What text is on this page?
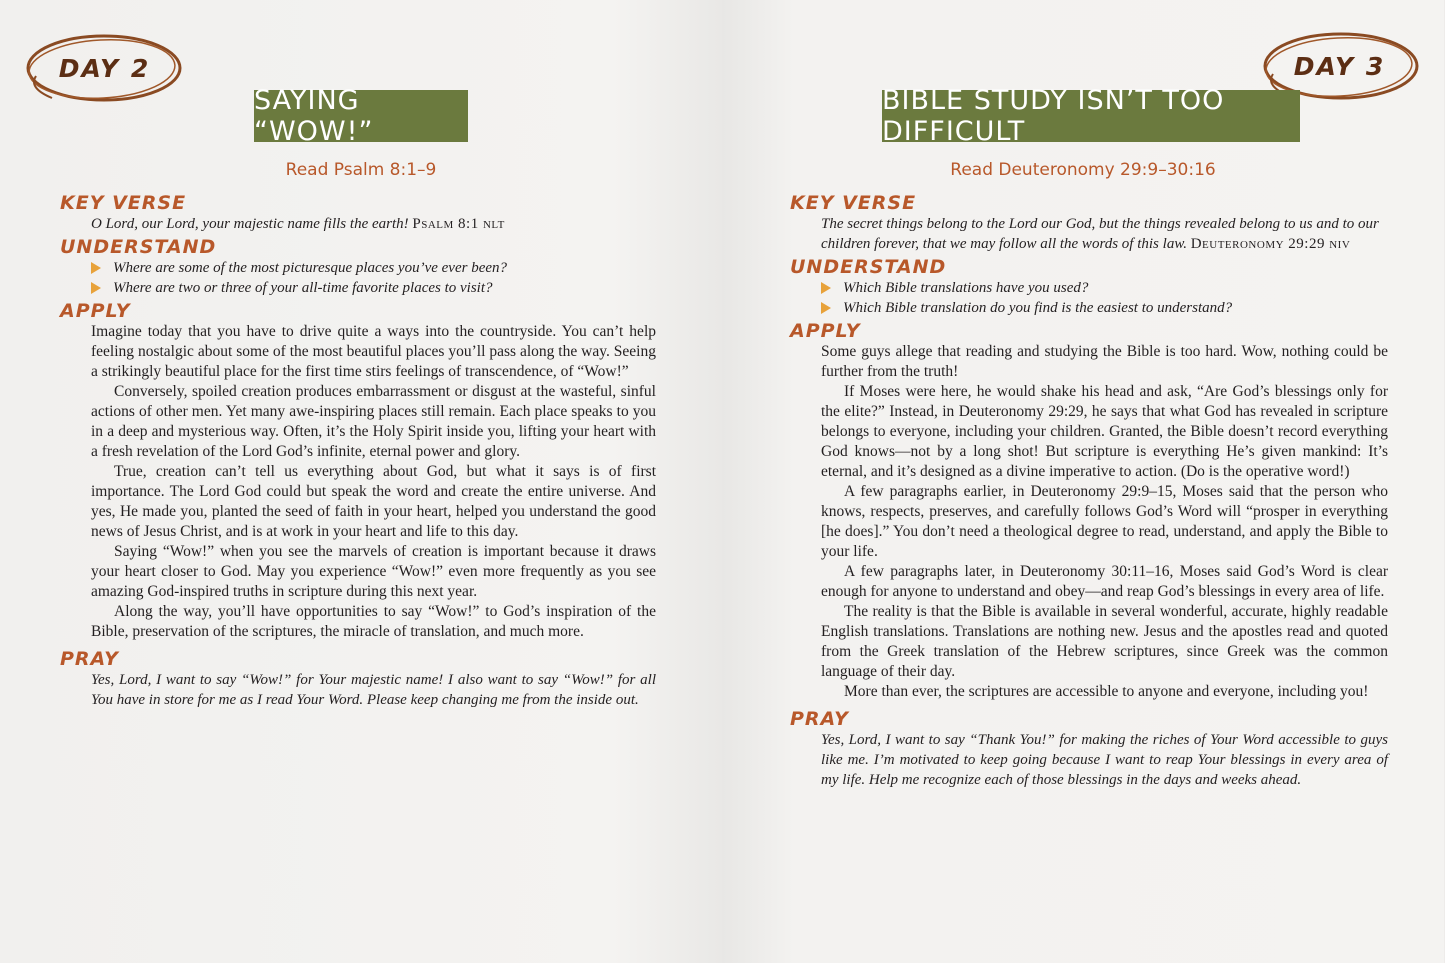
DAY 2
SAYING “WOW!”
Read Psalm 8:1–9
KEY VERSE
O Lord, our Lord, your majestic name fills the earth! Psalm 8:1 nlt
UNDERSTAND
Where are some of the most picturesque places you’ve ever been?
Where are two or three of your all-time favorite places to visit?
APPLY

Imagine today that you have to drive quite a ways into the countryside. You can’t help feeling nostalgic about some of the most beautiful places you’ll pass along the way. Seeing a strikingly beautiful place for the first time stirs feelings of transcendence, of “Wow!”

Conversely, spoiled creation produces embarrassment or disgust at the wasteful, sinful actions of other men. Yet many awe-inspiring places still remain. Each place speaks to you in a deep and mysterious way. Often, it’s the Holy Spirit inside you, lifting your heart with a fresh revelation of the Lord God’s infinite, eternal power and glory.

True, creation can’t tell us everything about God, but what it says is of first importance. The Lord God could but speak the word and create the entire universe. And yes, He made you, planted the seed of faith in your heart, helped you understand the good news of Jesus Christ, and is at work in your heart and life to this day.

Saying “Wow!” when you see the marvels of creation is important because it draws your heart closer to God. May you experience “Wow!” even more frequently as you see amazing God-inspired truths in scripture during this next year.

Along the way, you’ll have opportunities to say “Wow!” to God’s inspiration of the Bible, preservation of the scriptures, the miracle of translation, and much more.

PRAY
Yes, Lord, I want to say “Wow!” for Your majestic name! I also want to say “Wow!” for all You have in store for me as I read Your Word. Please keep changing me from the inside out.
DAY 3
BIBLE STUDY ISN’T TOO DIFFICULT
Read Deuteronomy 29:9–30:16
KEY VERSE
The secret things belong to the Lord our God, but the things revealed belong to us and to our children forever, that we may follow all the words of this law. Deuteronomy 29:29 niv
UNDERSTAND
Which Bible translations have you used?
Which Bible translation do you find is the easiest to understand?
APPLY

Some guys allege that reading and studying the Bible is too hard. Wow, nothing could be further from the truth!

If Moses were here, he would shake his head and ask, “Are God’s blessings only for the elite?” Instead, in Deuteronomy 29:29, he says that what God has revealed in scripture belongs to everyone, including your children. Granted, the Bible doesn’t record everything God knows—not by a long shot! But scripture is everything He’s given mankind: It’s eternal, and it’s designed as a divine imperative to action. (Do is the operative word!)

A few paragraphs earlier, in Deuteronomy 29:9–15, Moses said that the person who knows, respects, preserves, and carefully follows God’s Word will “prosper in everything [he does].” You don’t need a theological degree to read, understand, and apply the Bible to your life.

A few paragraphs later, in Deuteronomy 30:11–16, Moses said God’s Word is clear enough for anyone to understand and obey—and reap God’s blessings in every area of life.

The reality is that the Bible is available in several wonderful, accurate, highly readable English translations. Translations are nothing new. Jesus and the apostles read and quoted from the Greek translation of the Hebrew scriptures, since Greek was the common language of their day.

More than ever, the scriptures are accessible to anyone and everyone, including you!

PRAY
Yes, Lord, I want to say “Thank You!” for making the riches of Your Word accessible to guys like me. I’m motivated to keep going because I want to reap Your blessings in every area of my life. Help me recognize each of those blessings in the days and weeks ahead.
